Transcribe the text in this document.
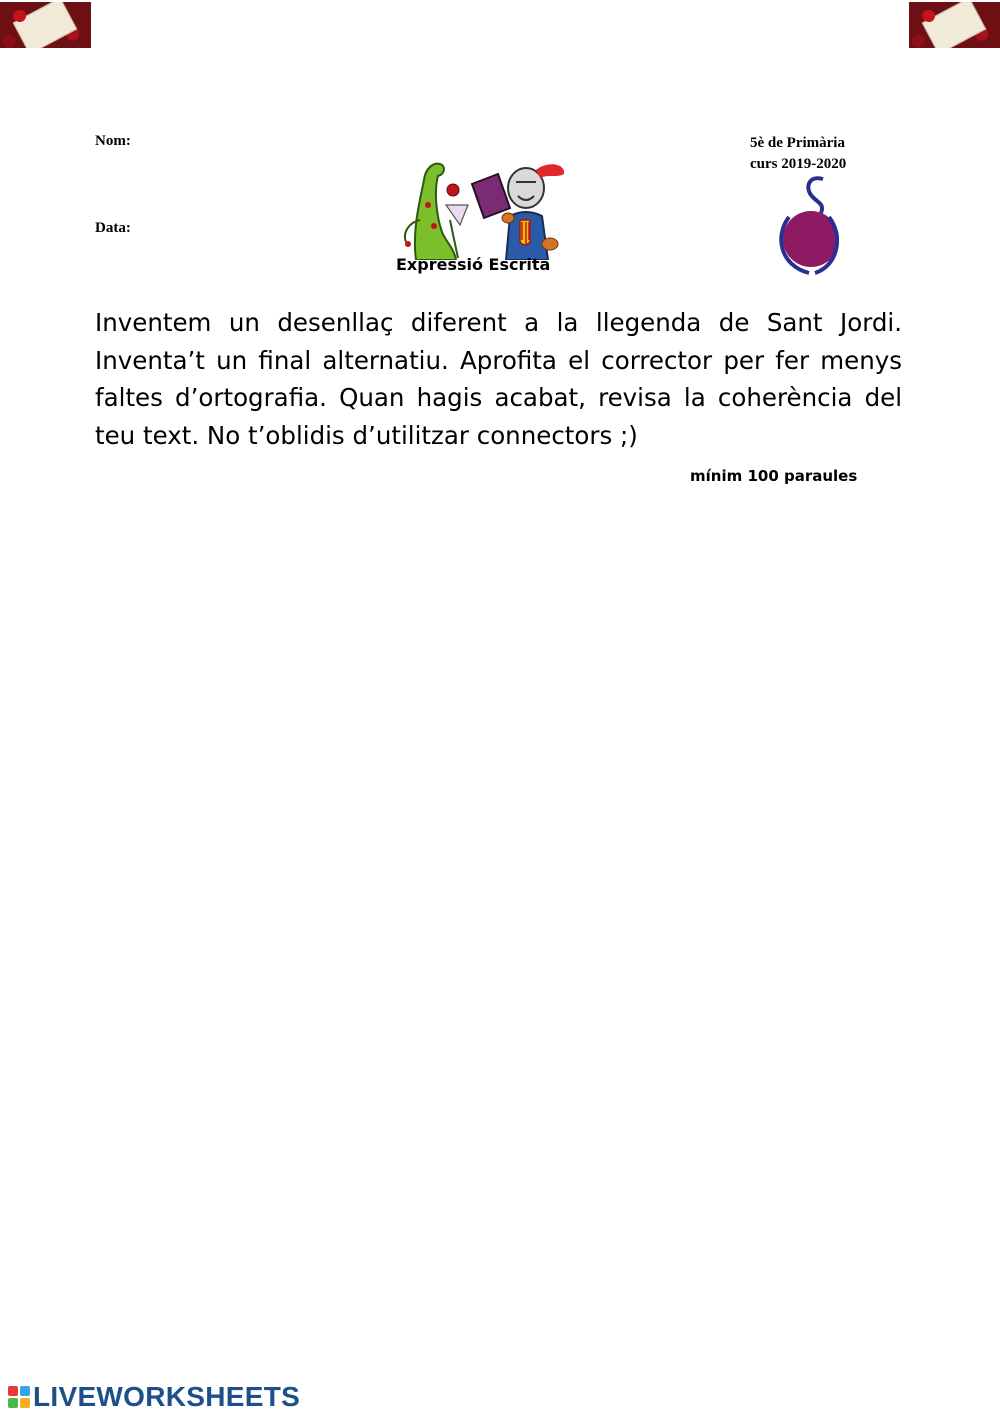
Nom:
Data:
5è de Primària
curs 2019-2020
Expressió Escrita
Inventem un desenllaç diferent a la llegenda de Sant Jordi. Inventa’t un final alternatiu. Aprofita el corrector per fer menys faltes d’ortografia. Quan hagis acabat, revisa la coherència del teu text. No t’oblidis d’utilitzar connectors ;)
mínim 100 paraules
LIVEWORKSHEETS
